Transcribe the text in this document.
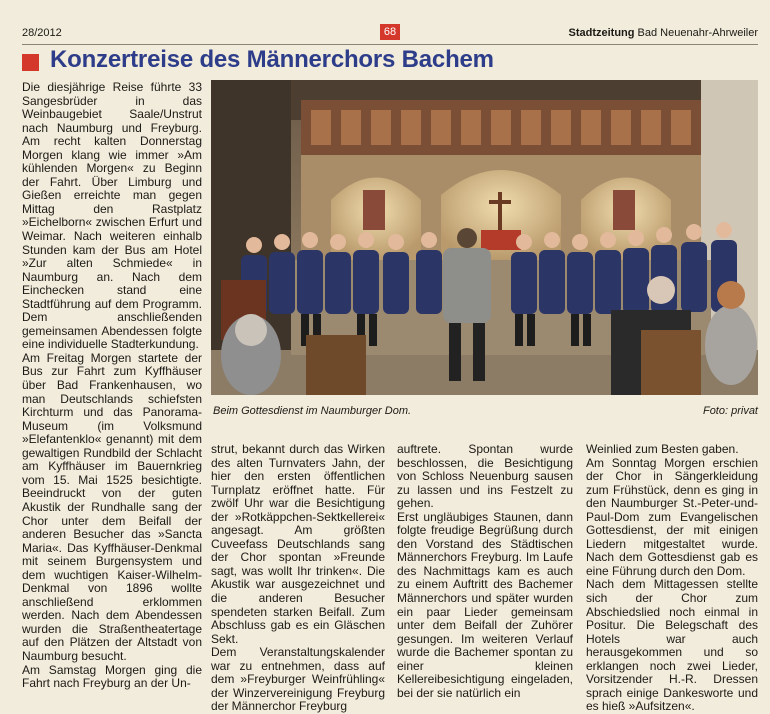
28/2012	68	Stadtzeitung Bad Neuenahr-Ahrweiler
Konzertreise des Männerchors Bachem

Die diesjährige Reise führte 33 Sangesbrüder in das Weinbaugebiet Saale/Unstrut nach Naumburg und Freyburg. Am recht kalten Donnerstag Morgen klang wie immer »Am kühlenden Morgen« zu Beginn der Fahrt. Über Limburg und Gießen erreichte man gegen Mittag den Rastplatz »Eichelborn« zwischen Erfurt und Weimar. Nach weiteren einhalb Stunden kam der Bus am Hotel »Zur alten Schmiede« in Naumburg an. Nach dem Einchecken stand eine Stadtführung auf dem Programm. Dem anschließenden gemeinsamen Abendessen folgte eine individuelle Stadterkundung.

Am Freitag Morgen startete der Bus zur Fahrt zum Kyffhäuser über Bad Frankenhausen, wo man Deutschlands schiefsten Kirchturm und das Panorama-Museum (im Volksmund »Elefantenklo« genannt) mit dem gewaltigen Rundbild der Schlacht am Kyffhäuser im Bauernkrieg vom 15. Mai 1525 besichtigte. Beeindruckt von der guten Akustik der Rundhalle sang der Chor unter dem Beifall der anderen Besucher das »Sancta Maria«. Das Kyffhäuser-Denkmal mit seinem Burgensystem und dem wuchtigen Kaiser-Wilhelm-Denkmal von 1896 wollte anschließend erklommen werden. Nach dem Abendessen wurden die Straßentheatertage auf den Plätzen der Altstadt von Naumburg besucht.

Am Samstag Morgen ging die Fahrt nach Freyburg an der Un-

Beim Gottesdienst im Naumburger Dom.	Foto: privat

strut, bekannt durch das Wirken des alten Turnvaters Jahn, der hier den ersten öffentlichen Turnplatz eröffnet hatte. Für zwölf Uhr war die Besichtigung der »Rotkäppchen-Sektkellerei« angesagt. Am größten Cuveefass Deutschlands sang der Chor spontan »Freunde sagt, was wollt Ihr trinken«. Die Akustik war ausgezeichnet und die anderen Besucher spendeten starken Beifall. Zum Abschluss gab es ein Gläschen Sekt.

Dem Veranstaltungskalender war zu entnehmen, dass auf dem »Freyburger Weinfrühling« der Winzervereinigung Freyburg der Männerchor Freyburg

auftrete. Spontan wurde beschlossen, die Besichtigung von Schloss Neuenburg sausen zu lassen und ins Festzelt zu gehen.

Erst ungläubiges Staunen, dann folgte freudige Begrüßung durch den Vorstand des Städtischen Männerchors Freyburg. Im Laufe des Nachmittags kam es auch zu einem Auftritt des Bachemer Männerchors und später wurden ein paar Lieder gemeinsam unter dem Beifall der Zuhörer gesungen. Im weiteren Verlauf wurde die Bachemer spontan zu einer kleinen Kellereibesichtigung eingeladen, bei der sie natürlich ein

Weinlied zum Besten gaben.

Am Sonntag Morgen erschien der Chor in Sängerkleidung zum Frühstück, denn es ging in den Naumburger St.-Peter-und-Paul-Dom zum Evangelischen Gottesdienst, der mit einigen Liedern mitgestaltet wurde. Nach dem Gottesdienst gab es eine Führung durch den Dom.

Nach dem Mittagessen stellte sich der Chor zum Abschiedslied noch einmal in Positur. Die Belegschaft des Hotels war auch herausgekommen und so erklangen noch zwei Lieder, Vorsitzender H.-R. Dressen sprach einige Dankesworte und es hieß »Aufsitzen«.
